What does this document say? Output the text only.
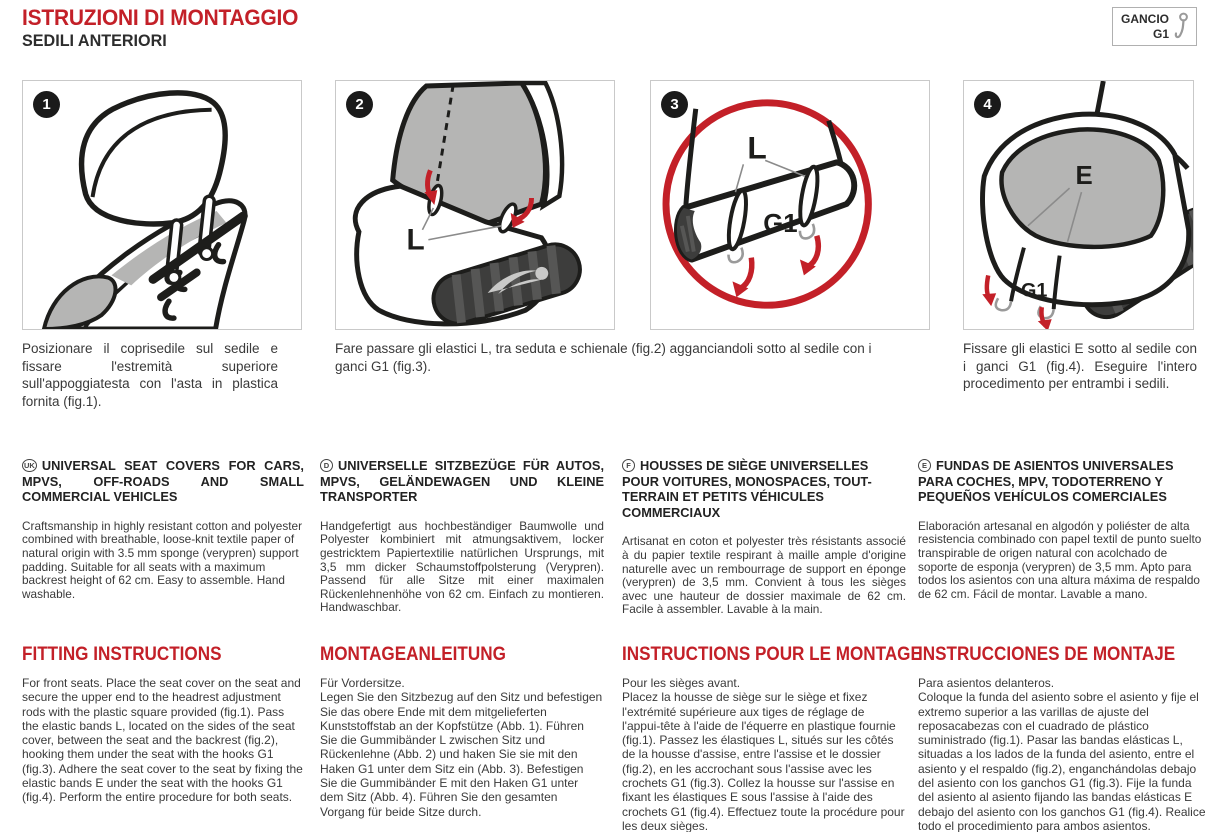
ISTRUZIONI DI MONTAGGIO
SEDILI ANTERIORI
GANCIO
G1
1	2
L
3
L
G1
4
E
G1

Posizionare il coprisedile sul sedile e fissare l'estremità superiore sull'appoggiatesta con l'asta in plastica fornita (fig.1).

Fare passare gli elastici L, tra seduta e schienale (fig.2) agganciandoli sotto al sedile con i ganci G1 (fig.3).

Fissare gli elastici E sotto al sedile con i ganci G1 (fig.4). Eseguire l'intero procedimento per entrambi i sedili.

UK UNIVERSAL SEAT COVERS FOR CARS, MPVS, OFF-ROADS AND SMALL COMMERCIAL VEHICLES

Craftsmanship in highly resistant cotton and polyester combined with breathable, loose-knit textile paper of natural origin with 3.5 mm sponge (verypren) support padding. Suitable for all seats with a maximum backrest height of 62 cm. Easy to assemble. Hand washable.

D UNIVERSELLE SITZBEZÜGE FÜR AUTOS, MPVS, GELÄNDEWAGEN UND KLEINE TRANSPORTER

Handgefertigt aus hochbeständiger Baumwolle und Polyester kombiniert mit atmungsaktivem, locker gestricktem Papiertextilie natürlichen Ursprungs, mit 3,5 mm dicker Schaumstoffpolsterung (Verypren). Passend für alle Sitze mit einer maximalen Rückenlehnenhöhe von 62 cm. Einfach zu montieren. Handwaschbar.

F HOUSSES DE SIÈGE UNIVERSELLES POUR VOITURES, MONOSPACES, TOUT-TERRAIN ET PETITS VÉHICULES COMMERCIAUX

Artisanat en coton et polyester très résistants associé à du papier textile respirant à maille ample d'origine naturelle avec un rembourrage de support en éponge (verypren) de 3,5 mm. Convient à tous les sièges avec une hauteur de dossier maximale de 62 cm. Facile à assembler. Lavable à la main.

E FUNDAS DE ASIENTOS UNIVERSALES PARA COCHES, MPV, TODOTERRENO Y PEQUEÑOS VEHÍCULOS COMERCIALES

Elaboración artesanal en algodón y poliéster de alta resistencia combinado con papel textil de punto suelto transpirable de origen natural con acolchado de soporte de esponja (verypren) de 3,5 mm. Apto para todos los asientos con una altura máxima de respaldo de 62 cm. Fácil de montar. Lavable a mano.

FITTING INSTRUCTIONS

For front seats. Place the seat cover on the seat and secure the upper end to the headrest adjustment rods with the plastic square provided (fig.1). Pass the elastic bands L, located on the sides of the seat cover, between the seat and the backrest (fig.2), hooking them under the seat with the hooks G1 (fig.3). Adhere the seat cover to the seat by fixing the elastic bands E under the seat with the hooks G1 (fig.4). Perform the entire procedure for both seats.

MONTAGEANLEITUNG

Für Vordersitze.

Legen Sie den Sitzbezug auf den Sitz und befestigen Sie das obere Ende mit dem mitgelieferten Kunststoffstab an der Kopfstütze (Abb. 1). Führen Sie die Gummibänder L zwischen Sitz und Rückenlehne (Abb. 2) und haken Sie sie mit den Haken G1 unter dem Sitz ein (Abb. 3). Befestigen Sie die Gummibänder E mit den Haken G1 unter dem Sitz (Abb. 4). Führen Sie den gesamten Vorgang für beide Sitze durch.

INSTRUCTIONS POUR LE MONTAGE

Pour les sièges avant.

Placez la housse de siège sur le siège et fixez l'extrémité supérieure aux tiges de réglage de l'appui-tête à l'aide de l'équerre en plastique fournie (fig.1). Passez les élastiques L, situés sur les côtés de la housse d'assise, entre l'assise et le dossier (fig.2), en les accrochant sous l'assise avec les crochets G1 (fig.3). Collez la housse sur l'assise en fixant les élastiques E sous l'assise à l'aide des crochets G1 (fig.4). Effectuez toute la procédure pour les deux sièges.

INSTRUCCIONES DE MONTAJE

Para asientos delanteros.

Coloque la funda del asiento sobre el asiento y fije el extremo superior a las varillas de ajuste del reposacabezas con el cuadrado de plástico suministrado (fig.1). Pasar las bandas elásticas L, situadas a los lados de la funda del asiento, entre el asiento y el respaldo (fig.2), enganchándolas debajo del asiento con los ganchos G1 (fig.3). Fije la funda del asiento al asiento fijando las bandas elásticas E debajo del asiento con los ganchos G1 (fig.4). Realice todo el procedimiento para ambos asientos.
